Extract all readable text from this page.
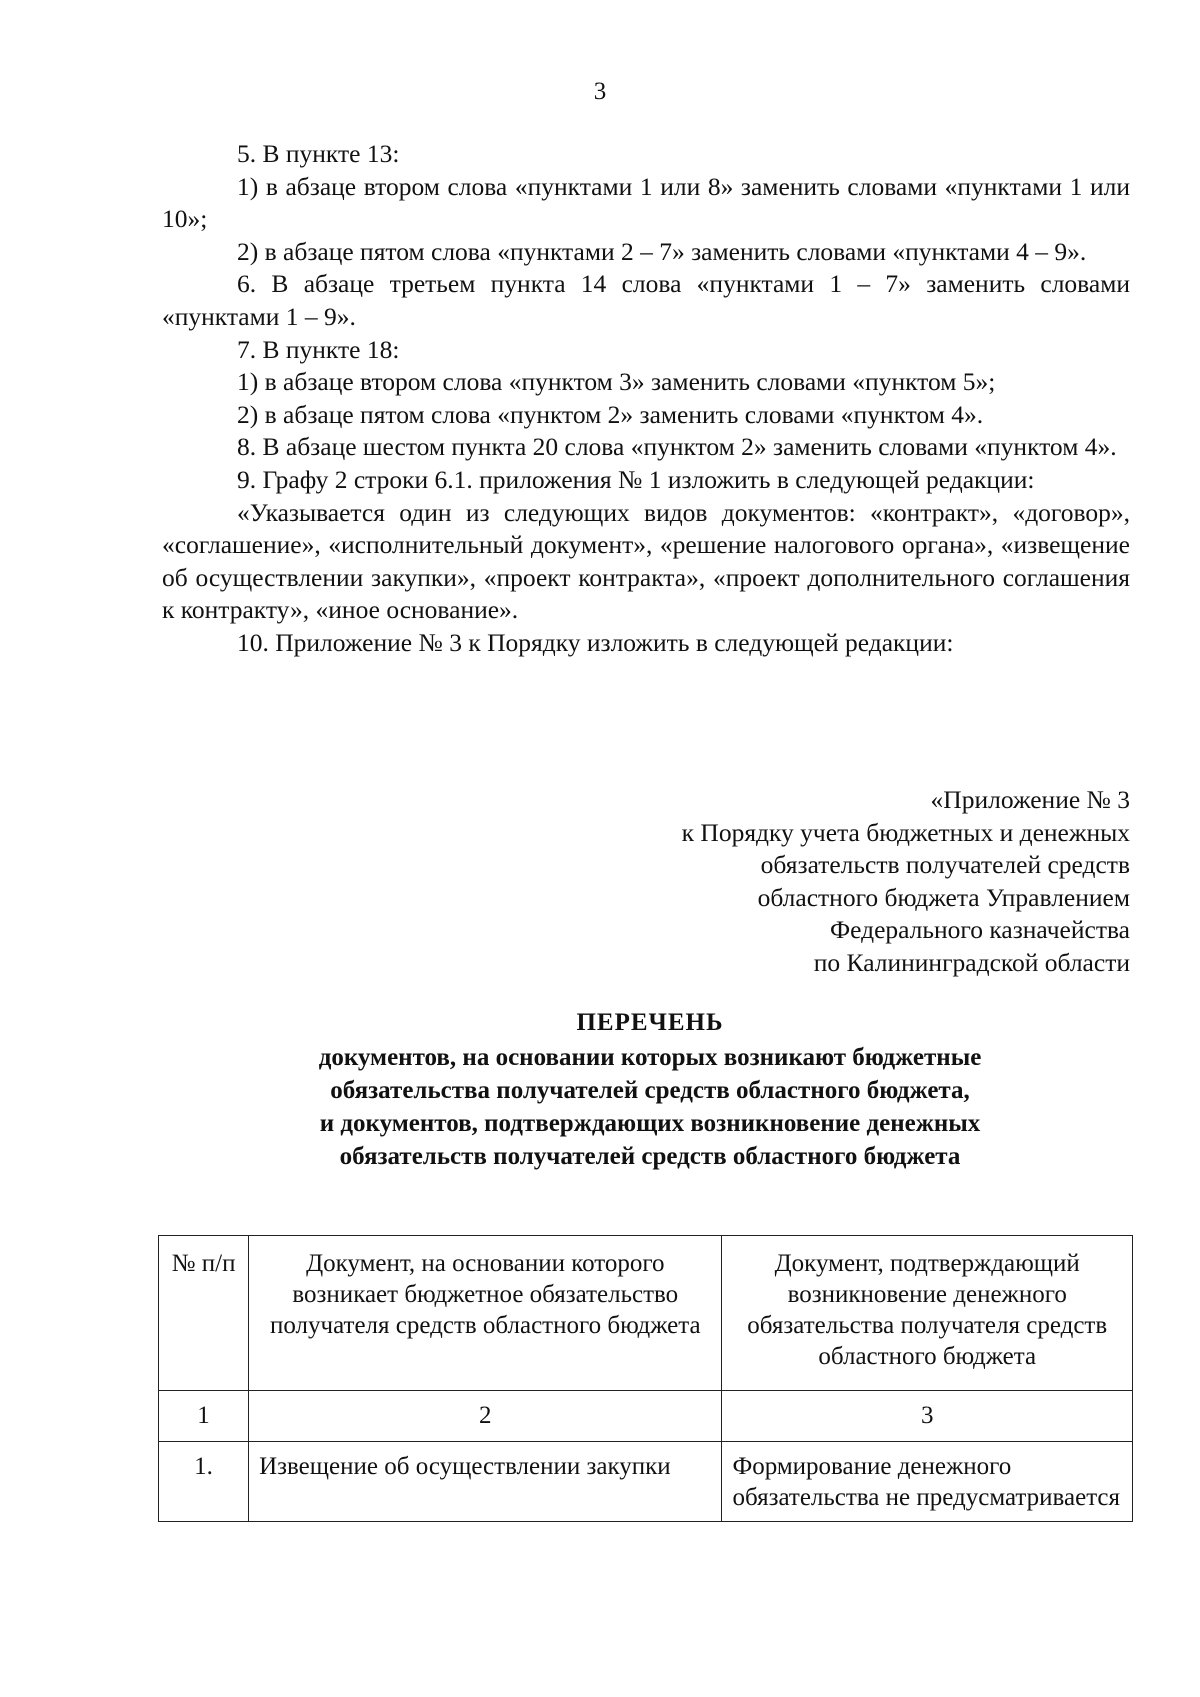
3

5. В пункте 13:

1) в абзаце втором слова «пунктами 1 или 8» заменить словами «пунктами 1 или 10»;

2) в абзаце пятом слова «пунктами 2 – 7» заменить словами «пунктами 4 – 9».

6. В абзаце третьем пункта 14 слова «пунктами 1 – 7» заменить словами «пунктами 1 – 9».

7. В пункте 18:

1) в абзаце втором слова «пунктом 3» заменить словами «пунктом 5»;

2) в абзаце пятом слова «пунктом 2» заменить словами «пунктом 4».

8. В абзаце шестом пункта 20 слова «пунктом 2» заменить словами «пунктом 4».

9. Графу 2 строки 6.1. приложения № 1 изложить в следующей редакции:

«Указывается один из следующих видов документов: «контракт», «договор», «соглашение», «исполнительный документ», «решение налогового органа», «извещение об осуществлении закупки», «проект контракта», «проект дополнительного соглашения к контракту», «иное основание».

10. Приложение № 3 к Порядку изложить в следующей редакции:

«Приложение № 3
к Порядку учета бюджетных и денежных
обязательств получателей средств
областного бюджета Управлением
Федерального казначейства
по Калининградской области
ПЕРЕЧЕНЬ
документов, на основании которых возникают бюджетные
обязательства получателей средств областного бюджета,
и документов, подтверждающих возникновение денежных
обязательств получателей средств областного бюджета
№ п/п	Документ, на основании которого возникает бюджетное обязательство получателя средств областного бюджета	Документ, подтверждающий возникновение денежного обязательства получателя средств областного бюджета
1	2	3
1.	Извещение об осуществлении закупки	Формирование денежного обязательства не предусматривается
